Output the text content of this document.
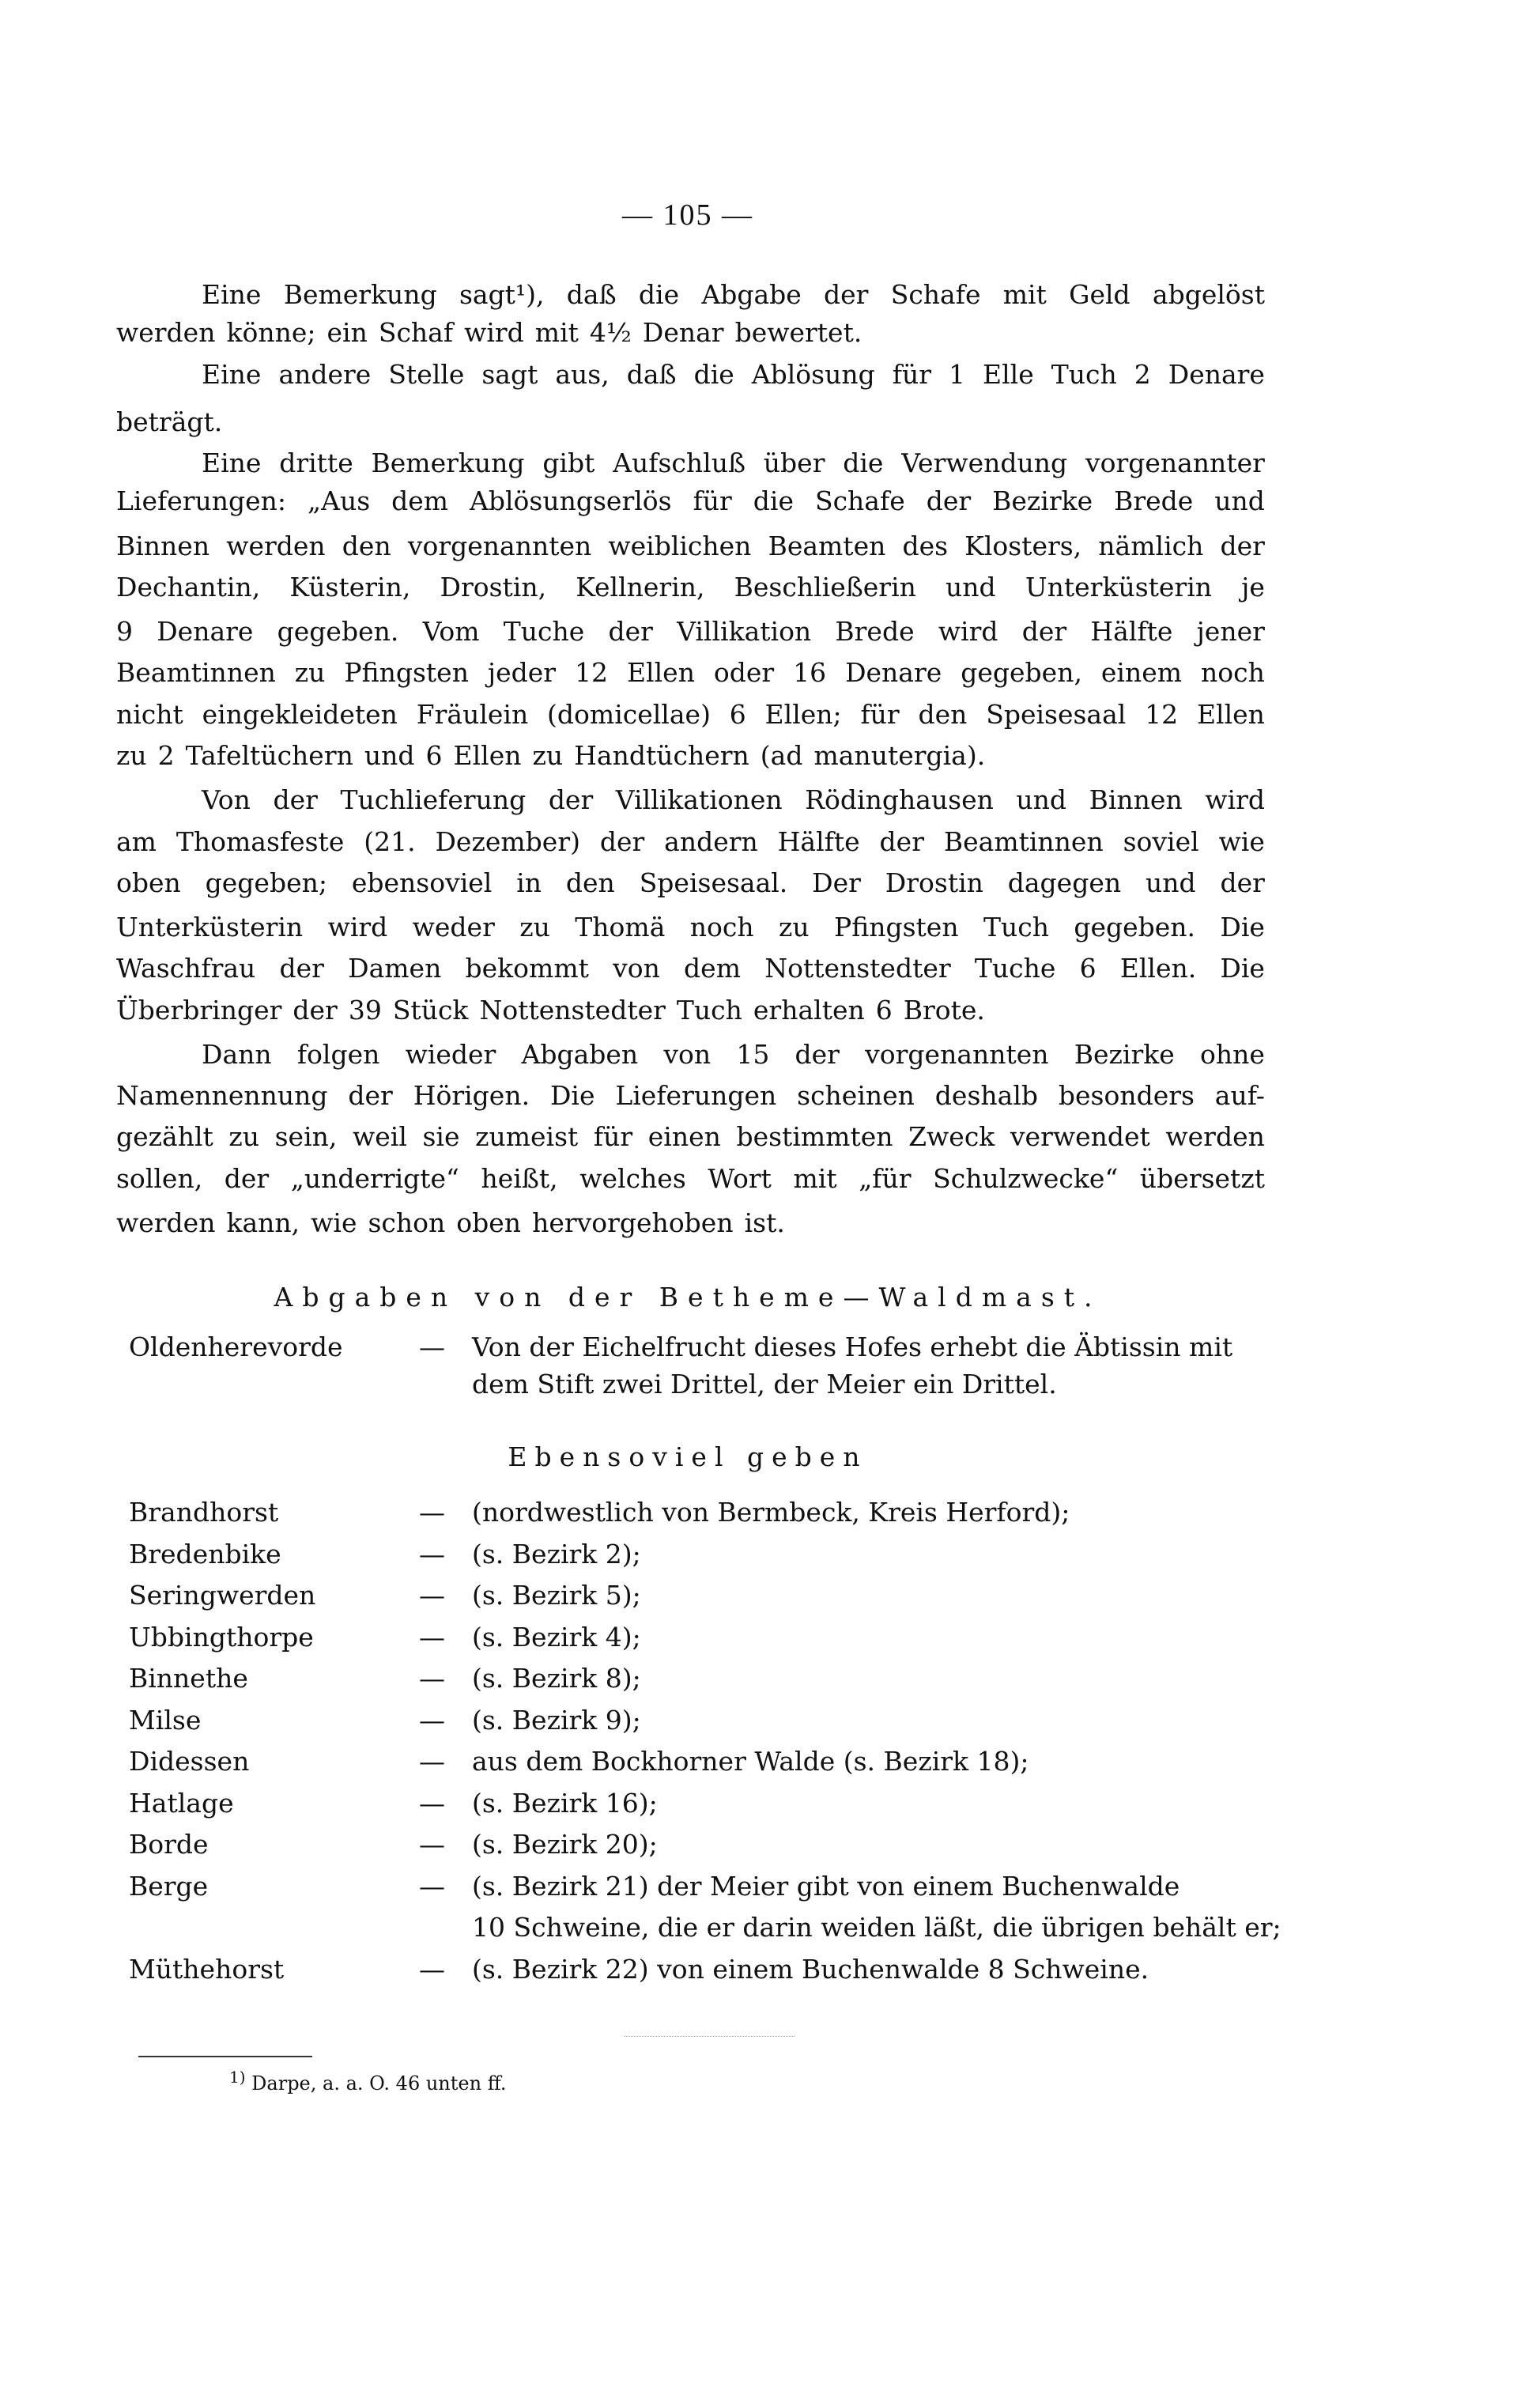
— 105 —
Eine Bemerkung sagt¹), daß die Abgabe der Schafe mit Geld abgelöst
werden könne; ein Schaf wird mit 4½ Denar bewertet.
Eine andere Stelle sagt aus, daß die Ablösung für 1 Elle Tuch 2 Denare
beträgt.
Eine dritte Bemerkung gibt Aufschluß über die Verwendung vorgenannter
Lieferungen: „Aus dem Ablösungserlös für die Schafe der Bezirke Brede und
Binnen werden den vorgenannten weiblichen Beamten des Klosters, nämlich der
Dechantin, Küsterin, Drostin, Kellnerin, Beschließerin und Unterküsterin je
9 Denare gegeben. Vom Tuche der Villikation Brede wird der Hälfte jener
Beamtinnen zu Pfingsten jeder 12 Ellen oder 16 Denare gegeben, einem noch
nicht eingekleideten Fräulein (domicellae) 6 Ellen; für den Speisesaal 12 Ellen
zu 2 Tafeltüchern und 6 Ellen zu Handtüchern (ad manutergia).
Von der Tuchlieferung der Villikationen Rödinghausen und Binnen wird
am Thomasfeste (21. Dezember) der andern Hälfte der Beamtinnen soviel wie
oben gegeben; ebensoviel in den Speisesaal. Der Drostin dagegen und der
Unterküsterin wird weder zu Thomä noch zu Pfingsten Tuch gegeben. Die
Waschfrau der Damen bekommt von dem Nottenstedter Tuche 6 Ellen. Die
Überbringer der 39 Stück Nottenstedter Tuch erhalten 6 Brote.
Dann folgen wieder Abgaben von 15 der vorgenannten Bezirke ohne
Namennennung der Hörigen. Die Lieferungen scheinen deshalb besonders auf-
gezählt zu sein, weil sie zumeist für einen bestimmten Zweck verwendet werden
sollen, der „underrigte“ heißt, welches Wort mit „für Schulzwecke“ übersetzt
werden kann, wie schon oben hervorgehoben ist.
Abgaben von der Betheme—Waldmast.
Oldenherevorde	— Von der Eichelfrucht dieses Hofes erhebt die Äbtissin mit
dem Stift zwei Drittel, der Meier ein Drittel.
Ebensoviel geben
Brandhorst	— (nordwestlich von Bermbeck, Kreis Herford);
Bredenbike	— (s. Bezirk 2);
Seringwerden	— (s. Bezirk 5);
Ubbingthorpe	— (s. Bezirk 4);
Binnethe	— (s. Bezirk 8);
Milse	— (s. Bezirk 9);
Didessen	— aus dem Bockhorner Walde (s. Bezirk 18);
Hatlage	— (s. Bezirk 16);
Borde	— (s. Bezirk 20);
Berge	— (s. Bezirk 21) der Meier gibt von einem Buchenwalde
10 Schweine, die er darin weiden läßt, die übrigen behält er;
Müthehorst	— (s. Bezirk 22) von einem Buchenwalde 8 Schweine.
$^{1)}$ Darpe, a. a. O. 46 unten ff.
